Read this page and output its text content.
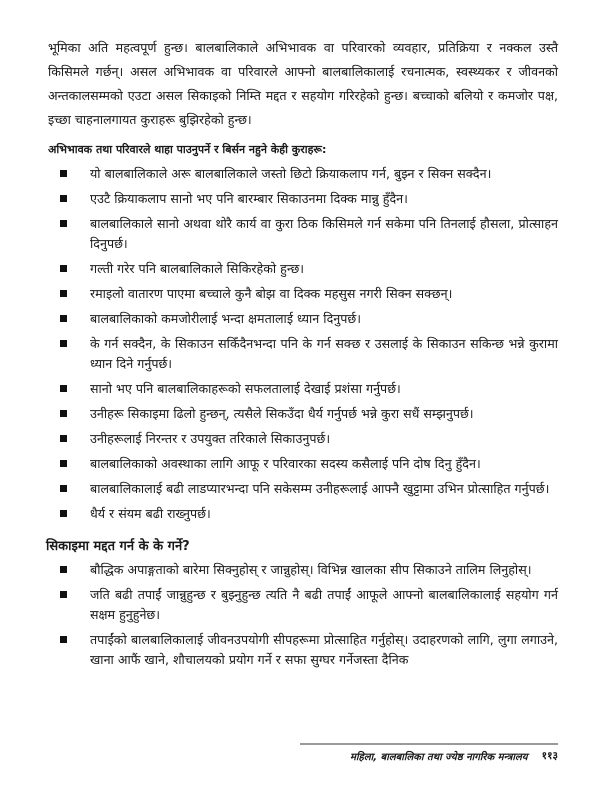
भूमिका अति महत्वपूर्ण हुन्छ। बालबालिकाले अभिभावक वा परिवारको व्यवहार, प्रतिक्रिया र नक्कल उस्तै किसिमले गर्छन्। असल अभिभावक वा परिवारले आफ्नो बालबालिकालाई रचनात्मक, स्वस्थ्यकर र जीवनको अन्तकालसम्मको एउटा असल सिकाइको निम्ति मद्दत र सहयोग गरिरहेको हुन्छ। बच्चाको बलियो र कमजोर पक्ष, इच्छा चाहनालगायत कुराहरू बुझिरहेको हुन्छ।

अभिभावक तथा परिवारले थाहा पाउनुपर्ने र बिर्सन नहुने केही कुराहरू:
यो बालबालिकाले अरू बालबालिकाले जस्तो छिटो क्रियाकलाप गर्न, बुझ्न र सिक्न सक्दैन।
एउटै क्रियाकलाप सानो भए पनि बारम्बार सिकाउनमा दिक्क मान्नु हुँदैन।
बालबालिकाले सानो अथवा थोरै कार्य वा कुरा ठिक किसिमले गर्न सकेमा पनि तिनलाई हौसला, प्रोत्साहन दिनुपर्छ।
गल्ती गरेर पनि बालबालिकाले सिकिरहेको हुन्छ।
रमाइलो वातारण पाएमा बच्चाले कुनै बोझ वा दिक्क महसुस नगरी सिक्न सक्छन्।
बालबालिकाको कमजोरीलाई भन्दा क्षमतालाई ध्यान दिनुपर्छ।
के गर्न सक्दैन, के सिकाउन सकिँदैनभन्दा पनि के गर्न सक्छ र उसलाई के सिकाउन सकिन्छ भन्ने कुरामा ध्यान दिने गर्नुपर्छ।
सानो भए पनि बालबालिकाहरूको सफलतालाई देखाई प्रशंसा गर्नुपर्छ।
उनीहरू सिकाइमा ढिलो हुन्छन्, त्यसैले सिकउँदा धैर्य गर्नुपर्छ भन्ने कुरा सधैं सम्झनुपर्छ।
उनीहरूलाई निरन्तर र उपयुक्त तरिकाले सिकाउनुपर्छ।
बालबालिकाको अवस्थाका लागि आफू र परिवारका सदस्य कसैलाई पनि दोष दिनु हुँदैन।
बालबालिकालाई बढी लाडप्यारभन्दा पनि सकेसम्म उनीहरूलाई आफ्नै खुट्टामा उभिन प्रोत्साहित गर्नुपर्छ।
धैर्य र संयम बढी राख्नुपर्छ।
सिकाइमा मद्दत गर्न के के गर्ने?
बौद्धिक अपाङ्गताको बारेमा सिक्नुहोस् र जान्नुहोस्। विभिन्न खालका सीप सिकाउने तालिम लिनुहोस्।
जति बढी तपाईं जान्नुहुन्छ र बुझ्नुहुन्छ त्यति नै बढी तपाईं आफूले आफ्नो बालबालिकालाई सहयोग गर्न सक्षम हुनुहुनेछ।
तपाईंको बालबालिकालाई जीवनउपयोगी सीपहरूमा प्रोत्साहित गर्नुहोस्। उदाहरणको लागि, लुगा लगाउने, खाना आफैं खाने, शौचालयको प्रयोग गर्ने र सफा सुग्घर गर्नेजस्ता दैनिक
महिला, बालबालिका तथा ज्येष्ठ नागरिक मन्त्रालय ११३
